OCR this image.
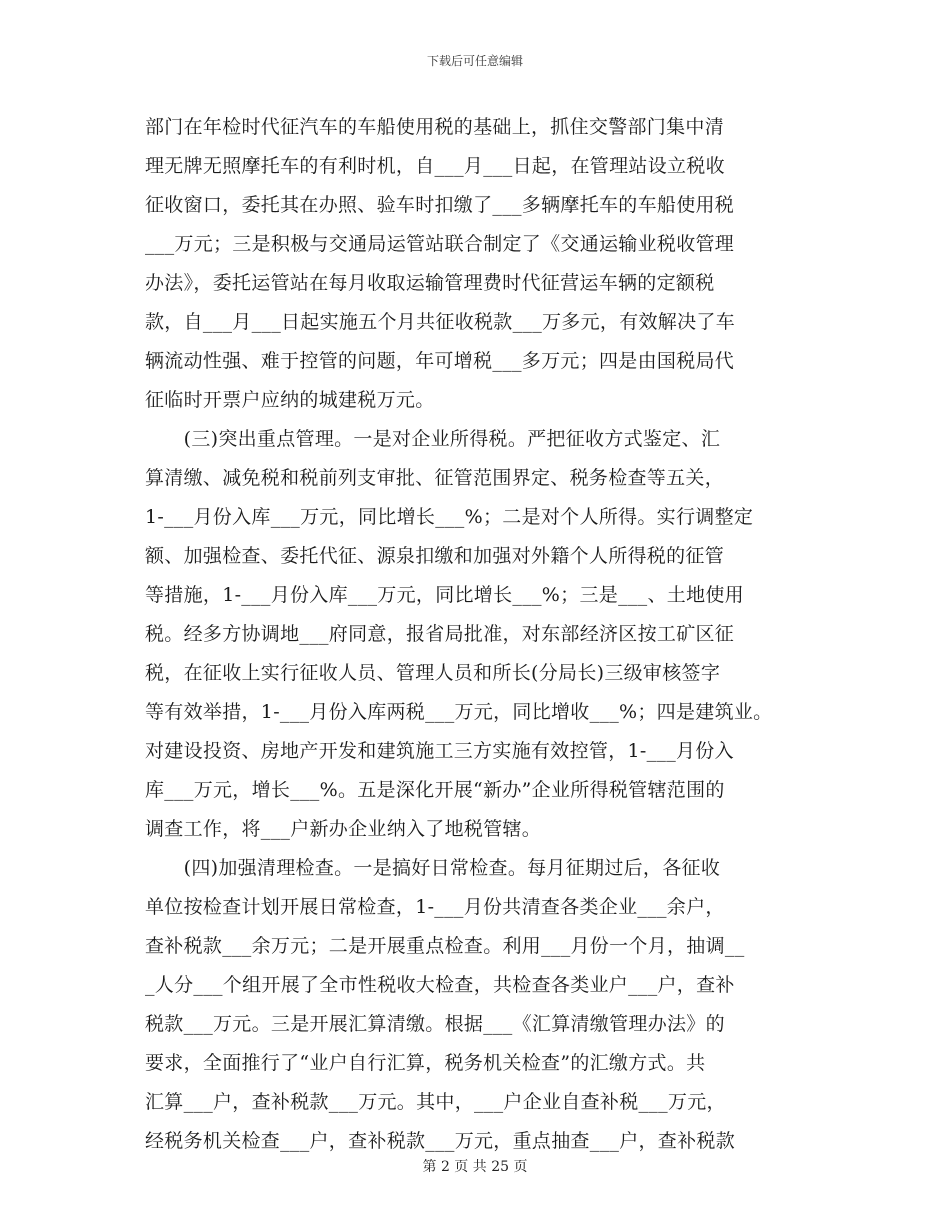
下载后可任意编辑
部门在年检时代征汽车的车船使用税的基础上，抓住交警部门集中清
理无牌无照摩托车的有利时机，自___月___日起，在管理站设立税收
征收窗口，委托其在办照、验车时扣缴了___多辆摩托车的车船使用税
___万元；三是积极与交通局运管站联合制定了《交通运输业税收管理
办法》，委托运管站在每月收取运输管理费时代征营运车辆的定额税
款，自___月___日起实施五个月共征收税款___万多元，有效解决了车
辆流动性强、难于控管的问题，年可增税___多万元；四是由国税局代
征临时开票户应纳的城建税万元。
　　(三)突出重点管理。一是对企业所得税。严把征收方式鉴定、汇
算清缴、减免税和税前列支审批、征管范围界定、税务检查等五关，
1-___月份入库___万元，同比增长___%；二是对个人所得。实行调整定
额、加强检查、委托代征、源泉扣缴和加强对外籍个人所得税的征管
等措施，1-___月份入库___万元，同比增长___%；三是___、土地使用
税。经多方协调地___府同意，报省局批准，对东部经济区按工矿区征
税，在征收上实行征收人员、管理人员和所长(分局长)三级审核签字
等有效举措，1-___月份入库两税___万元，同比增收___%；四是建筑业。
对建设投资、房地产开发和建筑施工三方实施有效控管，1-___月份入
库___万元，增长___%。五是深化开展“新办”企业所得税管辖范围的
调查工作，将___户新办企业纳入了地税管辖。
　　(四)加强清理检查。一是搞好日常检查。每月征期过后，各征收
单位按检查计划开展日常检查，1-___月份共清查各类企业___余户，
查补税款___余万元；二是开展重点检查。利用___月份一个月，抽调__
_人分___个组开展了全市性税收大检查，共检查各类业户___户，查补
税款___万元。三是开展汇算清缴。根据___《汇算清缴管理办法》的
要求，全面推行了“业户自行汇算，税务机关检查”的汇缴方式。共
汇算___户，查补税款___万元。其中，___户企业自查补税___万元，
经税务机关检查___户，查补税款___万元，重点抽查___户，查补税款
第 2 页 共 25 页
